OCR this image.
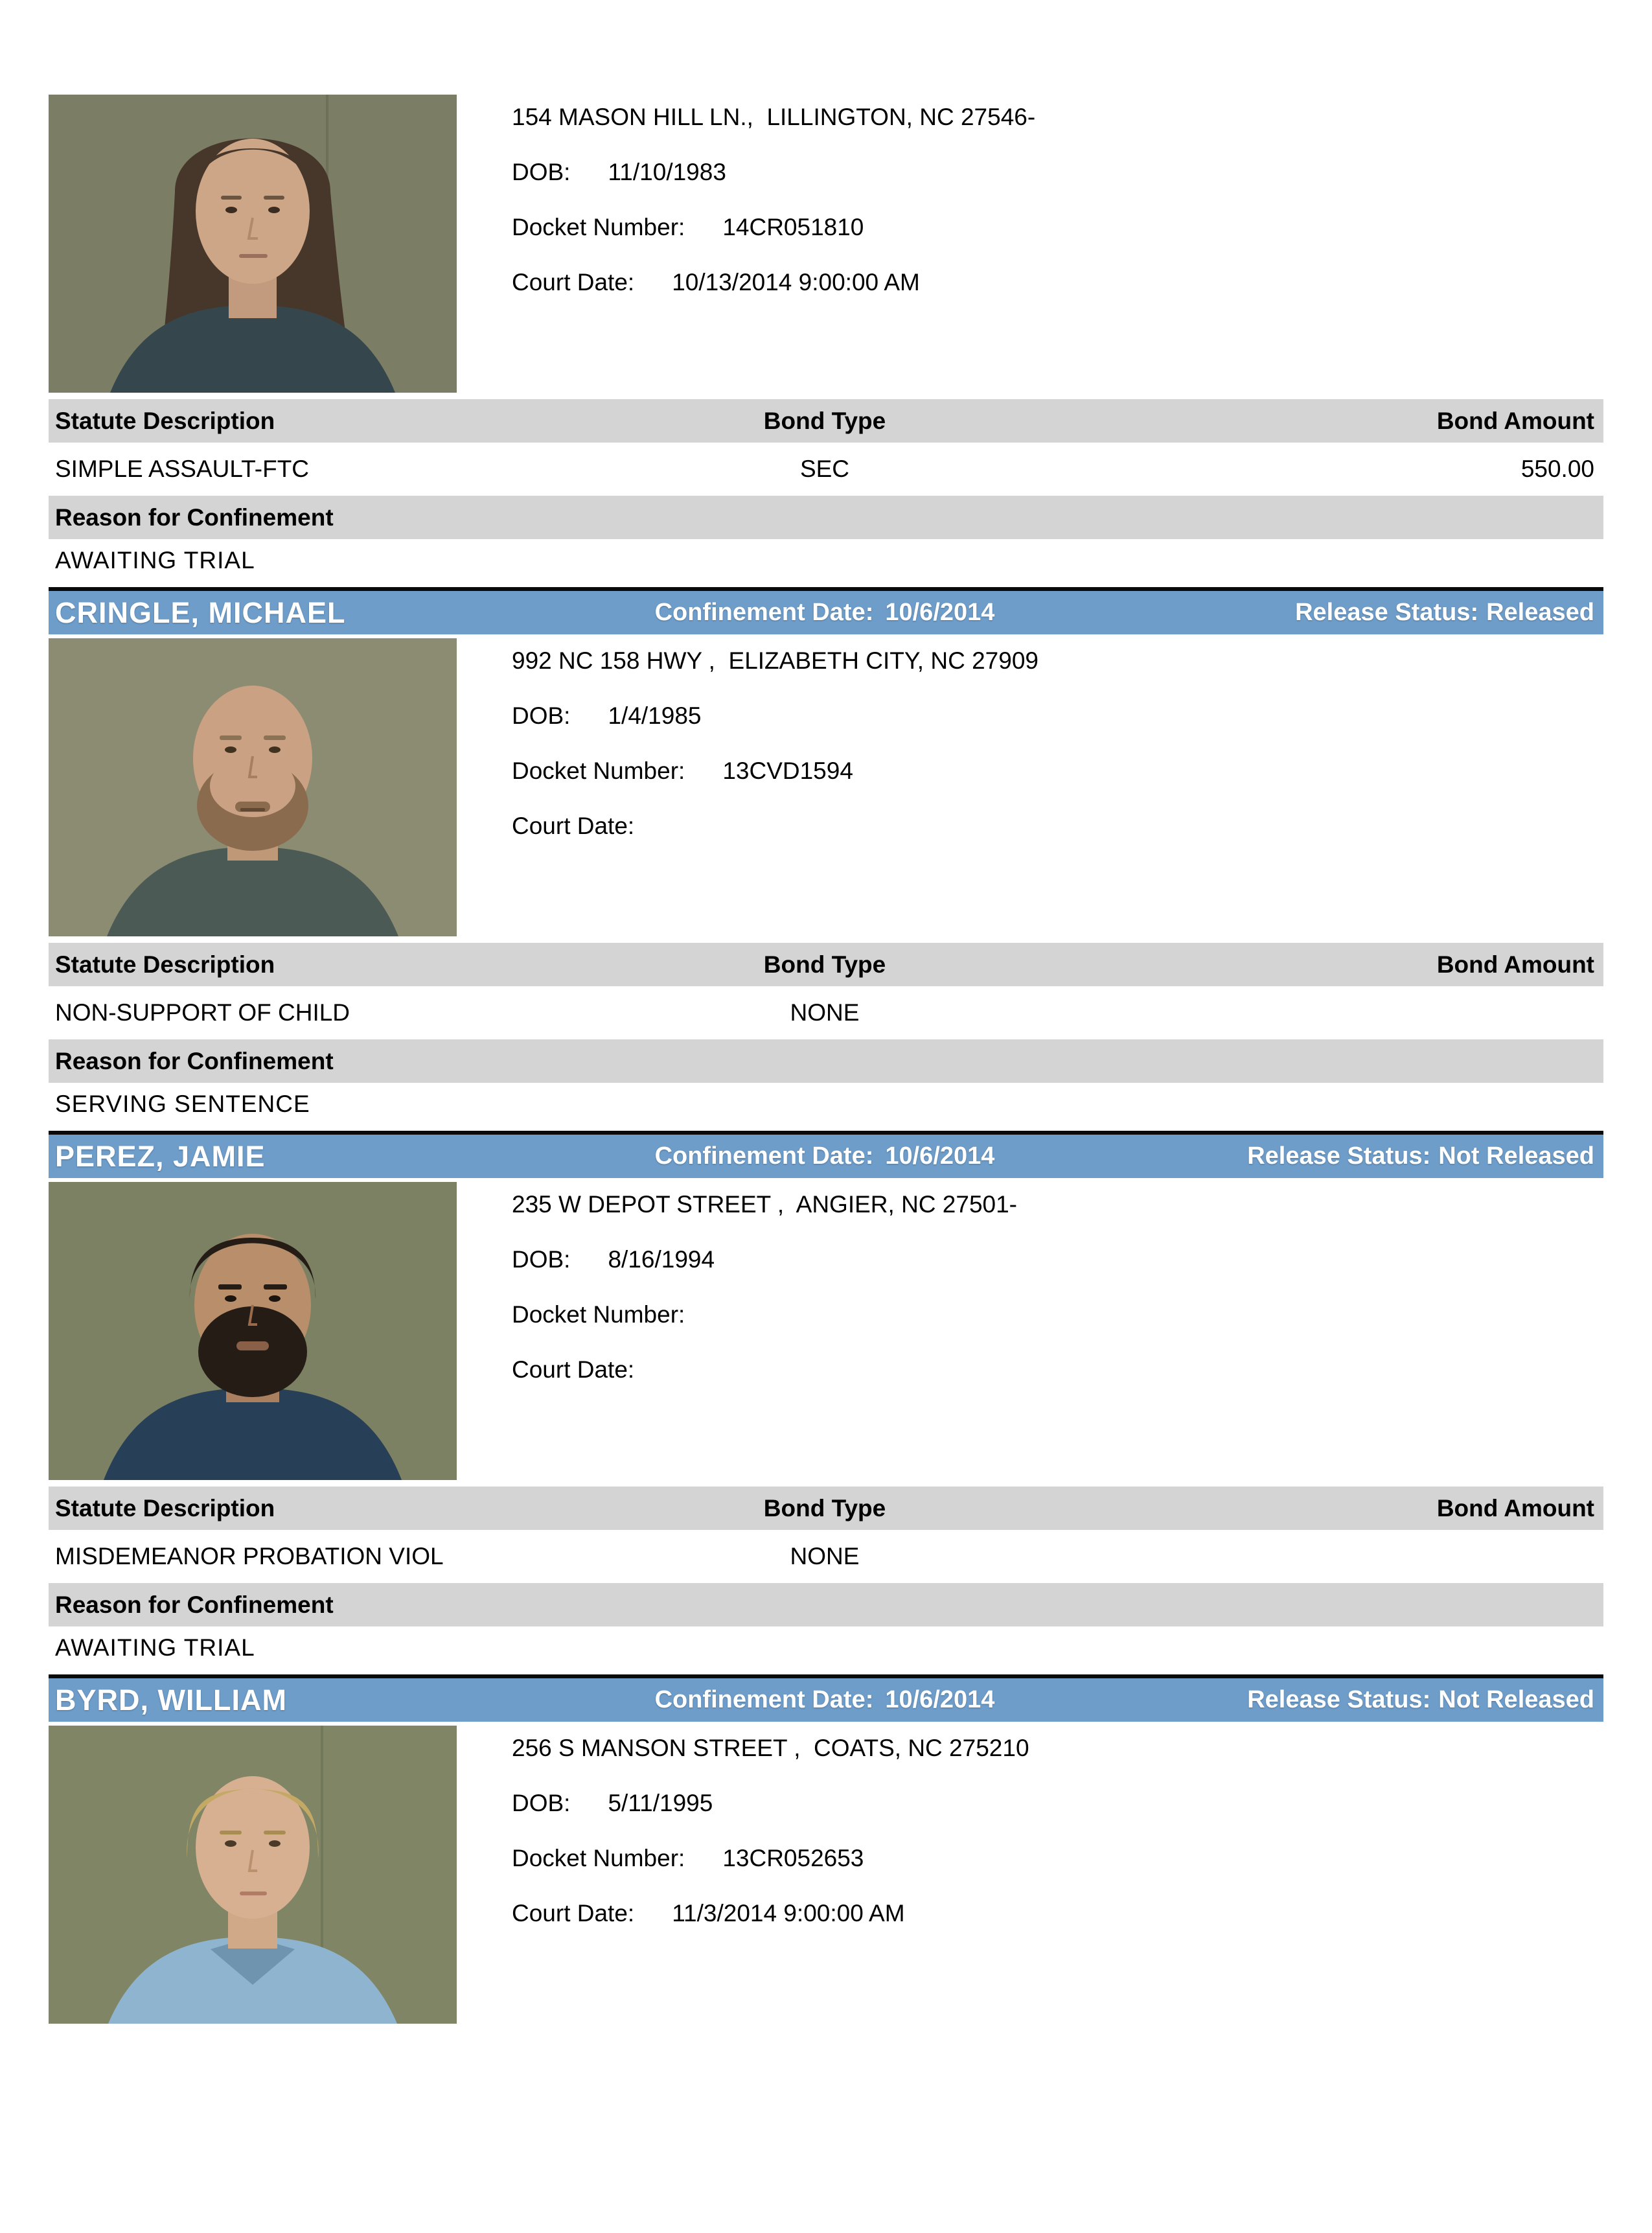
154 MASON HILL LN.,  LILLINGTON, NC 27546-
DOB: 11/10/1983
Docket Number: 14CR051810
Court Date: 10/13/2014 9:00:00 AM
Statute Description	Bond Type	Bond Amount
SIMPLE ASSAULT-FTC	SEC	550.00
Reason for Confinement
AWAITING TRIAL
CRINGLE, MICHAEL	Confinement Date: 10/6/2014	Release Status: Released
992 NC 158 HWY ,  ELIZABETH CITY, NC 27909
DOB: 1/4/1985
Docket Number: 13CVD1594
Court Date:
Statute Description	Bond Type	Bond Amount
NON-SUPPORT OF CHILD	NONE
Reason for Confinement
SERVING SENTENCE
PEREZ, JAMIE	Confinement Date: 10/6/2014	Release Status: Not Released
235 W DEPOT STREET ,  ANGIER, NC 27501-
DOB: 8/16/1994
Docket Number:
Court Date:
Statute Description	Bond Type	Bond Amount
MISDEMEANOR PROBATION VIOL	NONE
Reason for Confinement
AWAITING TRIAL
BYRD, WILLIAM	Confinement Date: 10/6/2014	Release Status: Not Released
256 S MANSON STREET ,  COATS, NC 275210
DOB: 5/11/1995
Docket Number: 13CR052653
Court Date: 11/3/2014 9:00:00 AM
